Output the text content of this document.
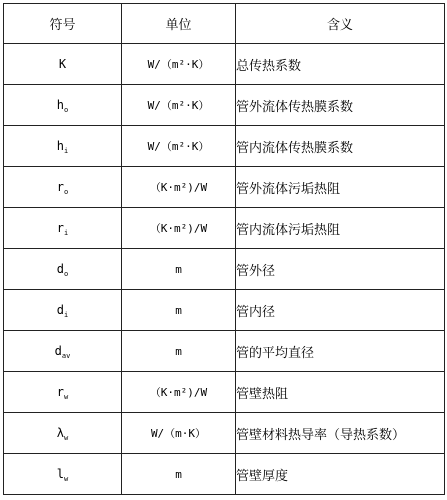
符号	单位	含义
K	W/（m²·K）	总传热系数
$h_o$	W/（m²·K）	管外流体传热膜系数
$h_i$	W/（m²·K）	管内流体传热膜系数
$r_o$	（K·m²)/W	管外流体污垢热阻
$r_i$	（K·m²)/W	管内流体污垢热阻
$d_o$	m	管外径
$d_i$	m	管内径
$d_{av}$	m	管的平均直径
$r_w$	（K·m²)/W	管壁热阻
$\lambda_w$	W/（m·K）	管壁材料热导率（导热系数）
$l_w$	m	管壁厚度
